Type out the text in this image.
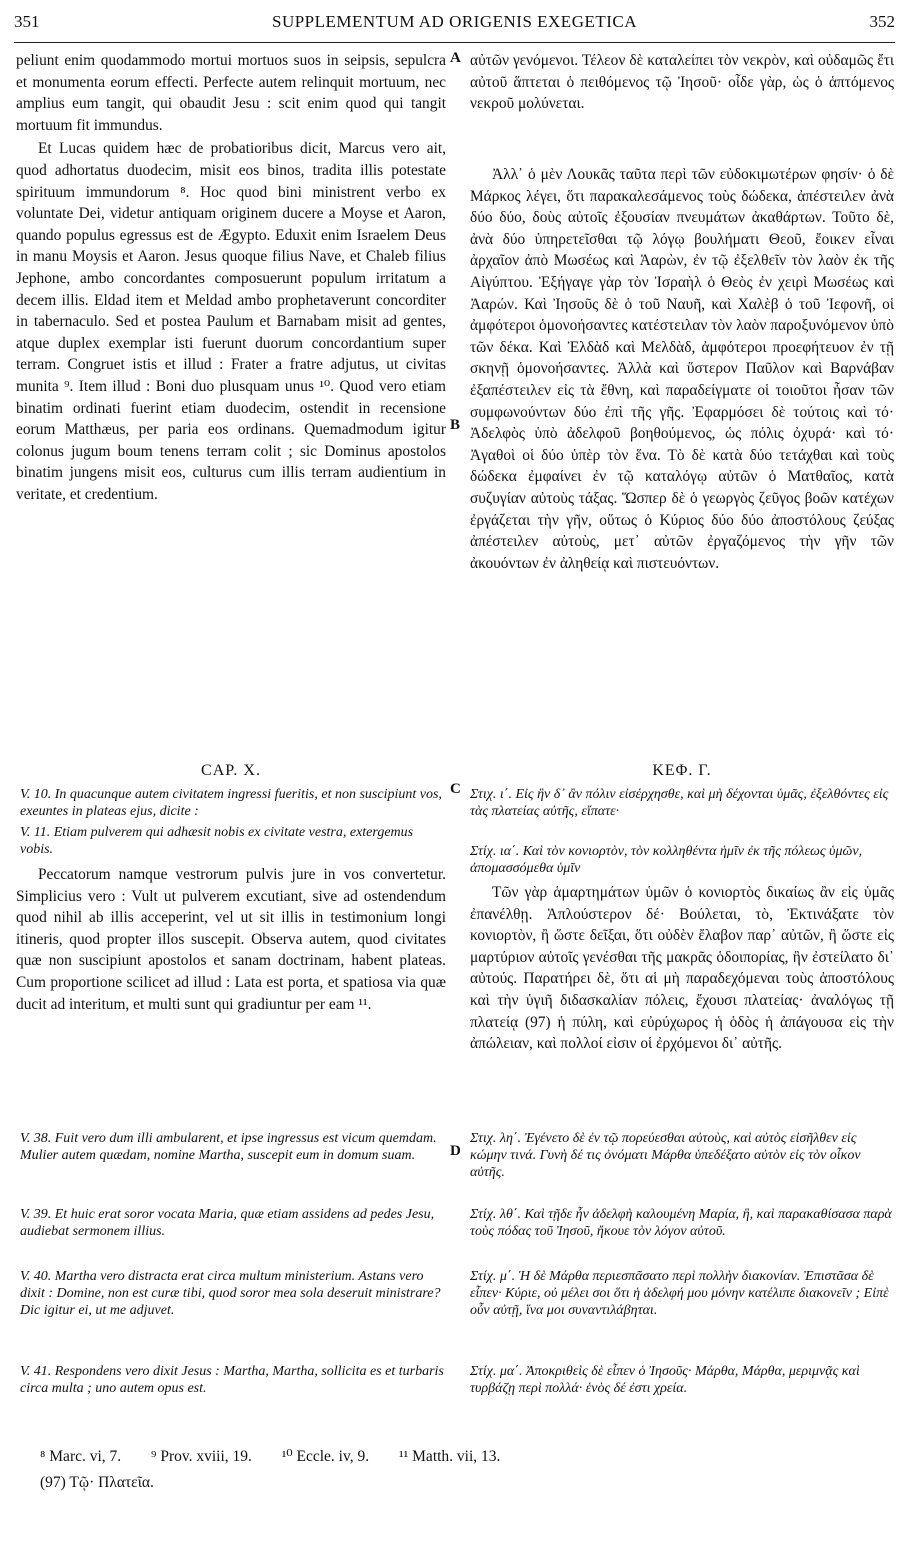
351	SUPPLEMENTUM AD ORIGENIS EXEGETICA	352

peliunt enim quodammodo mortui mortuos suos in seipsis, sepulcra et monumenta eorum effecti. Perfecte autem relinquit mortuum, nec amplius eum tangit, qui obaudit Jesu : scit enim quod qui tangit mortuum fit immundus.

Et Lucas quidem hæc de probatioribus dicit, Marcus vero ait, quod adhortatus duodecim, misit eos binos, tradita illis potestate spirituum immundorum ⁸. Hoc quod bini ministrent verbo ex voluntate Dei, videtur antiquam originem ducere a Moyse et Aaron, quando populus egressus est de Ægypto. Eduxit enim Israelem Deus in manu Moysis et Aaron. Jesus quoque filius Nave, et Chaleb filius Jephone, ambo concordantes composuerunt populum irritatum a decem illis. Eldad item et Meldad ambo prophetaverunt concorditer in tabernaculo. Sed et postea Paulum et Barnabam misit ad gentes, atque duplex exemplar isti fuerunt duorum concordantium super terram. Congruet istis et illud : Frater a fratre adjutus, ut civitas munita ⁹. Item illud : Boni duo plusquam unus ¹⁰. Quod vero etiam binatim ordinati fuerint etiam duodecim, ostendit in recensione eorum Matthæus, per paria eos ordinans. Quemadmodum igitur colonus jugum boum tenens terram colit ; sic Dominus apostolos binatim jungens misit eos, culturus cum illis terram audientium in veritate, et credentium.

CAP. X.
V. 10. In quacunque autem civitatem ingressi fueritis, et non suscipiunt vos, exeuntes in plateas ejus, dicite :
V. 11. Etiam pulverem qui adhæsit nobis ex civitate vestra, extergemus vobis.

Peccatorum namque vestrorum pulvis jure in vos convertetur. Simplicius vero : Vult ut pulverem excutiant, sive ad ostendendum quod nihil ab illis acceperint, vel ut sit illis in testimonium longi itineris, quod propter illos suscepit. Observa autem, quod civitates quæ non suscipiunt apostolos et sanam doctrinam, habent plateas. Cum proportione scilicet ad illud : Lata est porta, et spatiosa via quæ ducit ad interitum, et multi sunt qui gradiuntur per eam ¹¹.

V. 38. Fuit vero dum illi ambularent, et ipse ingressus est vicum quemdam. Mulier autem quædam, nomine Martha, suscepit eum in domum suam.
V. 39. Et huic erat soror vocata Maria, quæ etiam assidens ad pedes Jesu, audiebat sermonem illius.
V. 40. Martha vero distracta erat circa multum ministerium. Astans vero dixit : Domine, non est curæ tibi, quod soror mea sola deseruit ministrare? Dic igitur ei, ut me adjuvet.
V. 41. Respondens vero dixit Jesus : Martha, Martha, sollicita es et turbaris circa multa ; uno autem opus est.
A
B
C
D

αὐτῶν γενόμενοι. Τέλεον δὲ καταλείπει τὸν νεκρὸν, καὶ οὐδαμῶς ἔτι αὐτοῦ ἅπτεται ὁ πειθόμενος τῷ Ἰησοῦ· οἶδε γὰρ, ὡς ὁ ἁπτόμενος νεκροῦ μολύνεται.

Ἀλλ᾽ ὁ μὲν Λουκᾶς ταῦτα περὶ τῶν εὐδοκιμωτέρων φησίν· ὁ δὲ Μάρκος λέγει, ὅτι παρακαλεσάμενος τοὺς δώδεκα, ἀπέστειλεν ἀνὰ δύο δύο, δοὺς αὐτοῖς ἐξουσίαν πνευμάτων ἀκαθάρτων. Τοῦτο δὲ, ἀνὰ δύο ὑπηρετεῖσθαι τῷ λόγῳ βουλήματι Θεοῦ, ἔοικεν εἶναι ἀρχαῖον ἀπὸ Μωσέως καὶ Ἀαρὼν, ἐν τῷ ἐξελθεῖν τὸν λαὸν ἐκ τῆς Αἰγύπτου. Ἐξήγαγε γὰρ τὸν Ἰσραὴλ ὁ Θεὸς ἐν χειρὶ Μωσέως καὶ Ἀαρών. Καὶ Ἰησοῦς δὲ ὁ τοῦ Ναυῆ, καὶ Χαλὲβ ὁ τοῦ Ἰεφονῆ, οἱ ἀμφότεροι ὁμονοήσαντες κατέστειλαν τὸν λαὸν παροξυνόμενον ὑπὸ τῶν δέκα. Καὶ Ἐλδὰδ καὶ Μελδὰδ, ἀμφότεροι προεφήτευον ἐν τῇ σκηνῇ ὁμονοήσαντες. Ἀλλὰ καὶ ὕστερον Παῦλον καὶ Βαρνάβαν ἐξαπέστειλεν εἰς τὰ ἔθνη, καὶ παραδείγματε οἱ τοιοῦτοι ἦσαν τῶν συμφωνούντων δύο ἐπὶ τῆς γῆς. Ἐφαρμόσει δὲ τούτοις καὶ τό· Ἀδελφὸς ὑπὸ ἀδελφοῦ βοηθούμενος, ὡς πόλις ὀχυρά· καὶ τό· Ἀγαθοὶ οἱ δύο ὑπὲρ τὸν ἕνα. Τὸ δὲ κατὰ δύο τετάχθαι καὶ τοὺς δώδεκα ἐμφαίνει ἐν τῷ καταλόγῳ αὐτῶν ὁ Ματθαῖος, κατὰ συζυγίαν αὐτοὺς τάξας. Ὥσπερ δὲ ὁ γεωργὸς ζεῦγος βοῶν κατέχων ἐργάζεται τὴν γῆν, οὕτως ὁ Κύριος δύο δύο ἀποστόλους ζεύξας ἀπέστειλεν αὐτοὺς, μετ᾽ αὐτῶν ἐργαζόμενος τὴν γῆν τῶν ἀκουόντων ἐν ἀληθείᾳ καὶ πιστευόντων.

ΚΕΦ. Γ.
Στιχ. ι΄. Εἰς ἣν δ᾽ ἂν πόλιν εἰσέρχησθε, καὶ μὴ δέχονται ὑμᾶς, ἐξελθόντες εἰς τὰς πλατείας αὐτῆς, εἴπατε·
Στίχ. ια΄. Καὶ τὸν κονιορτὸν, τὸν κολληθέντα ἡμῖν ἐκ τῆς πόλεως ὑμῶν, ἀπομασσόμεθα ὑμῖν

Τῶν γὰρ ἁμαρτημάτων ὑμῶν ὁ κονιορτὸς δικαίως ἂν εἰς ὑμᾶς ἐπανέλθῃ. Ἁπλούστερον δέ· Βούλεται, τὸ, Ἐκτινάξατε τὸν κονιορτὸν, ἢ ὥστε δεῖξαι, ὅτι οὐδὲν ἔλαβον παρ᾽ αὐτῶν, ἢ ὥστε εἰς μαρτύριον αὐτοῖς γενέσθαι τῆς μακρᾶς ὁδοιπορίας, ἣν ἐστείλατο δι᾽ αὐτούς. Παρατήρει δὲ, ὅτι αἱ μὴ παραδεχόμεναι τοὺς ἀποστόλους καὶ τὴν ὑγιῆ διδασκαλίαν πόλεις, ἔχουσι πλατείας· ἀναλόγως τῇ πλατείᾳ (97) ἡ πύλη, καὶ εὐρύχωρος ἡ ὁδὸς ἡ ἀπάγουσα εἰς τὴν ἀπώλειαν, καὶ πολλοί εἰσιν οἱ ἐρχόμενοι δι᾽ αὐτῆς.

Στιχ. λη΄. Ἐγένετο δὲ ἐν τῷ πορεύεσθαι αὐτοὺς, καὶ αὐτὸς εἰσῆλθεν εἰς κώμην τινά. Γυνὴ δέ τις ὀνόματι Μάρθα ὑπεδέξατο αὐτὸν εἰς τὸν οἶκον αὐτῆς.
Στίχ. λθ΄. Καὶ τῇδε ἦν ἀδελφὴ καλουμένη Μαρία, ἣ, καὶ παρακαθίσασα παρὰ τοὺς πόδας τοῦ Ἰησοῦ, ἤκουε τὸν λόγον αὐτοῦ.
Στίχ. μ΄. Ἡ δὲ Μάρθα περιεσπᾶσατο περὶ πολλὴν διακονίαν. Ἐπιστᾶσα δὲ εἶπεν· Κύριε, οὐ μέλει σοι ὅτι ἡ ἀδελφή μου μόνην κατέλιπε διακονεῖν ; Εἰπὲ οὖν αὐτῇ, ἵνα μοι συναντιλάβηται.
Στίχ. μα΄. Ἀποκριθεὶς δὲ εἶπεν ὁ Ἰησοῦς· Μάρθα, Μάρθα, μεριμνᾷς καὶ τυρβάζῃ περὶ πολλά· ἑνὸς δέ ἐστι χρεία.
⁸ Marc. vi, 7. ⁹ Prov. xviii, 19. ¹⁰ Eccle. iv, 9. ¹¹ Matth. vii, 13.
(97) Τῷ· Πλατεῖα.
